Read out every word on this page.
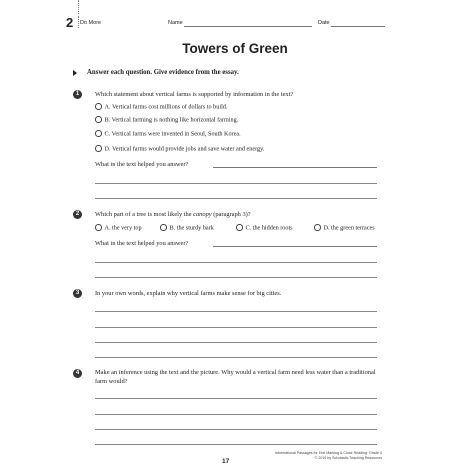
2 Do More	Name	Date
Towers of Green
Answer each question. Give evidence from the essay.
1	Which statement about vertical farms is supported by information in the text?
A. Vertical farms cost millions of dollars to build.
B. Vertical farming is nothing like horizontal farming.
C. Vertical farms were invented in Seoul, South Korea.
D. Vertical farms would provide jobs and save water and energy.
What in the text helped you answer?
2	Which part of a tree is most likely the canopy (paragraph 3)?
A. the very top	B. the sturdy bark	C. the hidden roots	D. the green terraces
What in the text helped you answer?
3	In your own words, explain why vertical farms make sense for big cities.
4	Make an inference using the text and the picture. Why would a vertical farm need less water than a traditional farm would?
17
Informational Passages for Text Marking & Close Reading: Grade 4
© 2015 by Scholastic Teaching Resources
